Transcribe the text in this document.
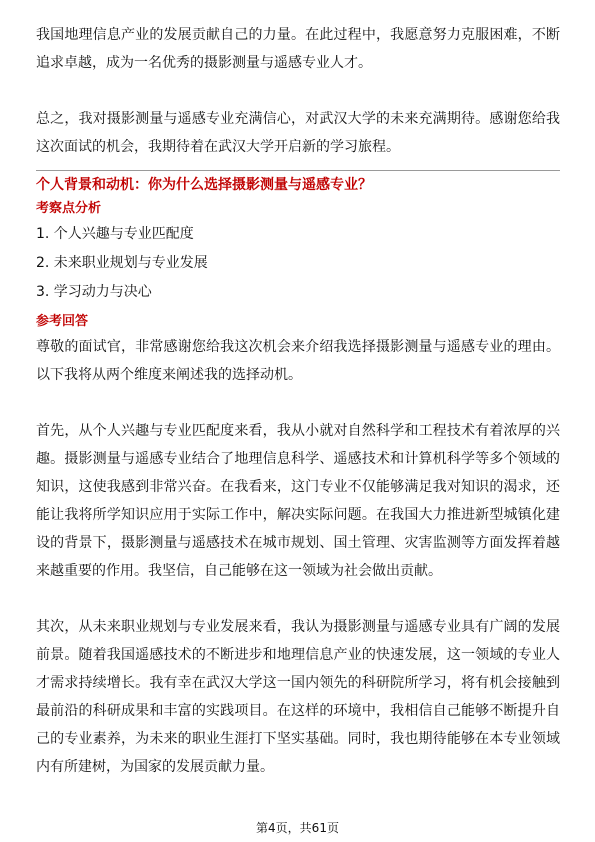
我国地理信息产业的发展贡献自己的力量。在此过程中，我愿意努力克服困难，不断追求卓越，成为一名优秀的摄影测量与遥感专业人才。

总之，我对摄影测量与遥感专业充满信心，对武汉大学的未来充满期待。感谢您给我这次面试的机会，我期待着在武汉大学开启新的学习旅程。

个人背景和动机：你为什么选择摄影测量与遥感专业？
考察点分析
1. 个人兴趣与专业匹配度
2. 未来职业规划与专业发展
3. 学习动力与决心
参考回答

尊敬的面试官，非常感谢您给我这次机会来介绍我选择摄影测量与遥感专业的理由。以下我将从两个维度来阐述我的选择动机。

首先，从个人兴趣与专业匹配度来看，我从小就对自然科学和工程技术有着浓厚的兴趣。摄影测量与遥感专业结合了地理信息科学、遥感技术和计算机科学等多个领域的知识，这使我感到非常兴奋。在我看来，这门专业不仅能够满足我对知识的渴求，还能让我将所学知识应用于实际工作中，解决实际问题。在我国大力推进新型城镇化建设的背景下，摄影测量与遥感技术在城市规划、国土管理、灾害监测等方面发挥着越来越重要的作用。我坚信，自己能够在这一领域为社会做出贡献。

其次，从未来职业规划与专业发展来看，我认为摄影测量与遥感专业具有广阔的发展前景。随着我国遥感技术的不断进步和地理信息产业的快速发展，这一领域的专业人才需求持续增长。我有幸在武汉大学这一国内领先的科研院所学习，将有机会接触到最前沿的科研成果和丰富的实践项目。在这样的环境中，我相信自己能够不断提升自己的专业素养，为未来的职业生涯打下坚实基础。同时，我也期待能够在本专业领域内有所建树，为国家的发展贡献力量。

第4页，共61页
